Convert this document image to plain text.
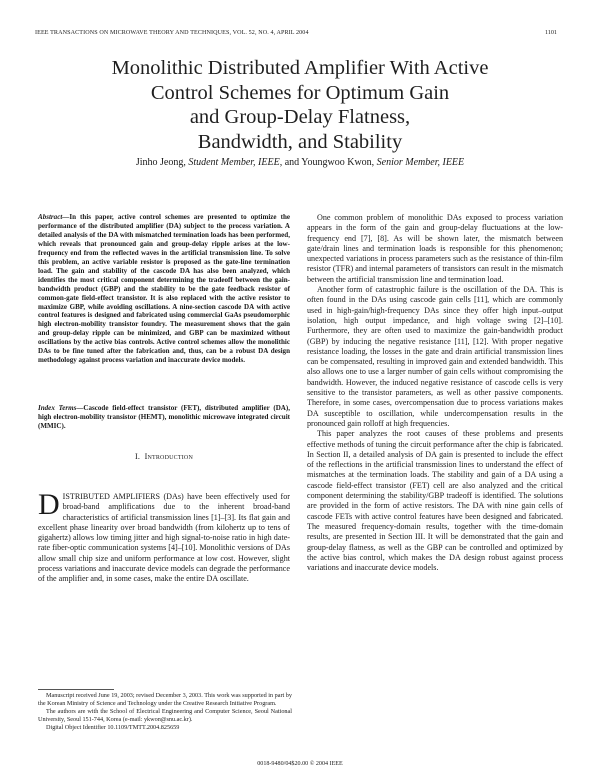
IEEE TRANSACTIONS ON MICROWAVE THEORY AND TECHNIQUES, VOL. 52, NO. 4, APRIL 2004	1101
Monolithic Distributed Amplifier With Active
Control Schemes for Optimum Gain
and Group-Delay Flatness,
Bandwidth, and Stability
Jinho Jeong, Student Member, IEEE, and Youngwoo Kwon, Senior Member, IEEE

Abstract—In this paper, active control schemes are presented to optimize the performance of the distributed amplifier (DA) subject to the process variation. A detailed analysis of the DA with mismatched termination loads has been performed, which reveals that pronounced gain and group-delay ripple arises at the low-frequency end from the reflected waves in the artificial transmission line. To solve this problem, an active variable resistor is proposed as the gate-line termination load. The gain and stability of the cascode DA has also been analyzed, which identifies the most critical component determining the tradeoff between the gain-bandwidth product (GBP) and the stability to be the gate feedback resistor of common-gate field-effect transistor. It is also replaced with the active resistor to maximize GBP, while avoiding oscillations. A nine-section cascode DA with active control features is designed and fabricated using commercial GaAs pseudomorphic high electron-mobility transistor foundry. The measurement shows that the gain and group-delay ripple can be minimized, and GBP can be maximized without oscillations by the active bias controls. Active control schemes allow the monolithic DAs to be fine tuned after the fabrication and, thus, can be a robust DA design methodology against process variation and inaccurate device models.

Index Terms—Cascode field-effect transistor (FET), distributed amplifier (DA), high electron-mobility transistor (HEMT), monolithic microwave integrated circuit (MMIC).

I. Introduction

DISTRIBUTED AMPLIFIERS (DAs) have been effectively used for broad-band amplifications due to the inherent broad-band characteristics of artificial transmission lines [1]–[3]. Its flat gain and excellent phase linearity over broad bandwidth (from kilohertz up to tens of gigahertz) allows low timing jitter and high signal-to-noise ratio in high date-rate fiber-optic communication systems [4]–[10]. Monolithic versions of DAs allow small chip size and uniform performance at low cost. However, slight process variations and inaccurate device models can degrade the performance of the amplifier and, in some cases, make the entire DA oscillate.

Manuscript received June 19, 2003; revised December 3, 2003. This work was supported in part by the Korean Ministry of Science and Technology under the Creative Research Initiative Program.

The authors are with the School of Electrical Engineering and Computer Science, Seoul National University, Seoul 151-744, Korea (e-mail: ykwon@snu.ac.kr).

Digital Object Identifier 10.1109/TMTT.2004.825659

One common problem of monolithic DAs exposed to process variation appears in the form of the gain and group-delay fluctuations at the low-frequency end [7], [8]. As will be shown later, the mismatch between gate/drain lines and termination loads is responsible for this phenomenon; unexpected variations in process parameters such as the resistance of thin-film resistor (TFR) and internal parameters of transistors can result in the mismatch between the artificial transmission line and termination load.

Another form of catastrophic failure is the oscillation of the DA. This is often found in the DAs using cascode gain cells [11], which are commonly used in high-gain/high-frequency DAs since they offer high input–output isolation, high output impedance, and high voltage swing [2]–[10]. Furthermore, they are often used to maximize the gain-bandwidth product (GBP) by inducing the negative resistance [11], [12]. With proper negative resistance loading, the losses in the gate and drain artificial transmission lines can be compensated, resulting in improved gain and extended bandwidth. This also allows one to use a larger number of gain cells without compromising the bandwidth. However, the induced negative resistance of cascode cells is very sensitive to the transistor parameters, as well as other passive components. Therefore, in some cases, overcompensation due to process variations makes DA susceptible to oscillation, while undercompensation results in the pronounced gain rolloff at high frequencies.

This paper analyzes the root causes of these problems and presents effective methods of tuning the circuit performance after the chip is fabricated. In Section II, a detailed analysis of DA gain is presented to include the effect of the reflections in the artificial transmission lines to understand the effect of mismatches at the termination loads. The stability and gain of a DA using a cascode field-effect transistor (FET) cell are also analyzed and the critical component determining the stability/GBP tradeoff is identified. The solutions are provided in the form of active resistors. The DA with nine gain cells of cascode FETs with active control features have been designed and fabricated. The measured frequency-domain results, together with the time-domain results, are presented in Section III. It will be demonstrated that the gain and group-delay flatness, as well as the GBP can be controlled and optimized by the active bias control, which makes the DA design robust against process variations and inaccurate device models.

0018-9480/04$20.00 © 2004 IEEE
